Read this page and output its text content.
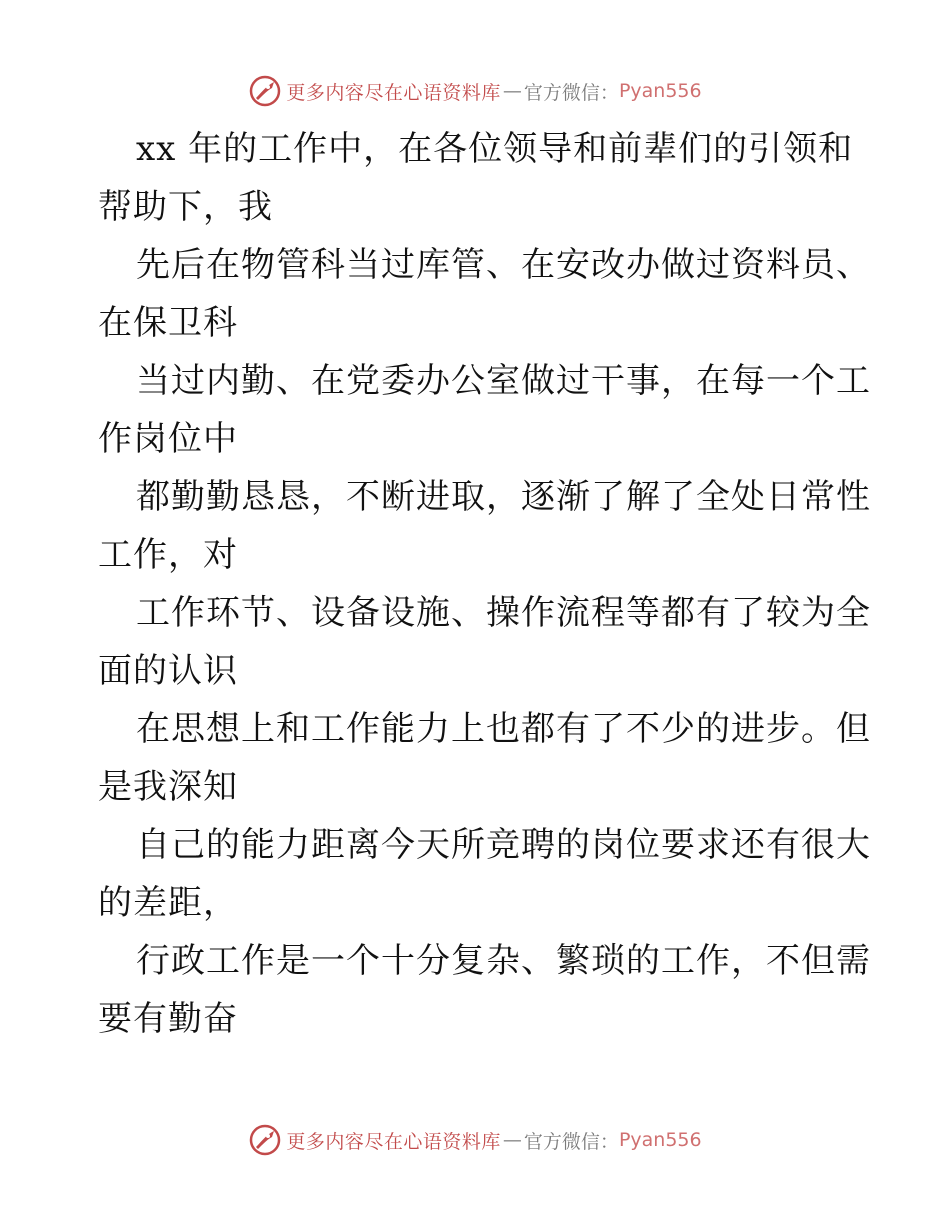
更多内容尽在心语资料库 — 官方微信： Pyan556
xx 年的工作中，在各位领导和前辈们的引领和
帮助下，我
先后在物管科当过库管、在安改办做过资料员、
在保卫科
当过内勤、在党委办公室做过干事，在每一个工
作岗位中
都勤勤恳恳，不断进取，逐渐了解了全处日常性
工作，对
工作环节、设备设施、操作流程等都有了较为全
面的认识
在思想上和工作能力上也都有了不少的进步。但
是我深知
自己的能力距离今天所竞聘的岗位要求还有很大
的差距，
行政工作是一个十分复杂、繁琐的工作，不但需
要有勤奋
更多内容尽在心语资料库 — 官方微信： Pyan556
